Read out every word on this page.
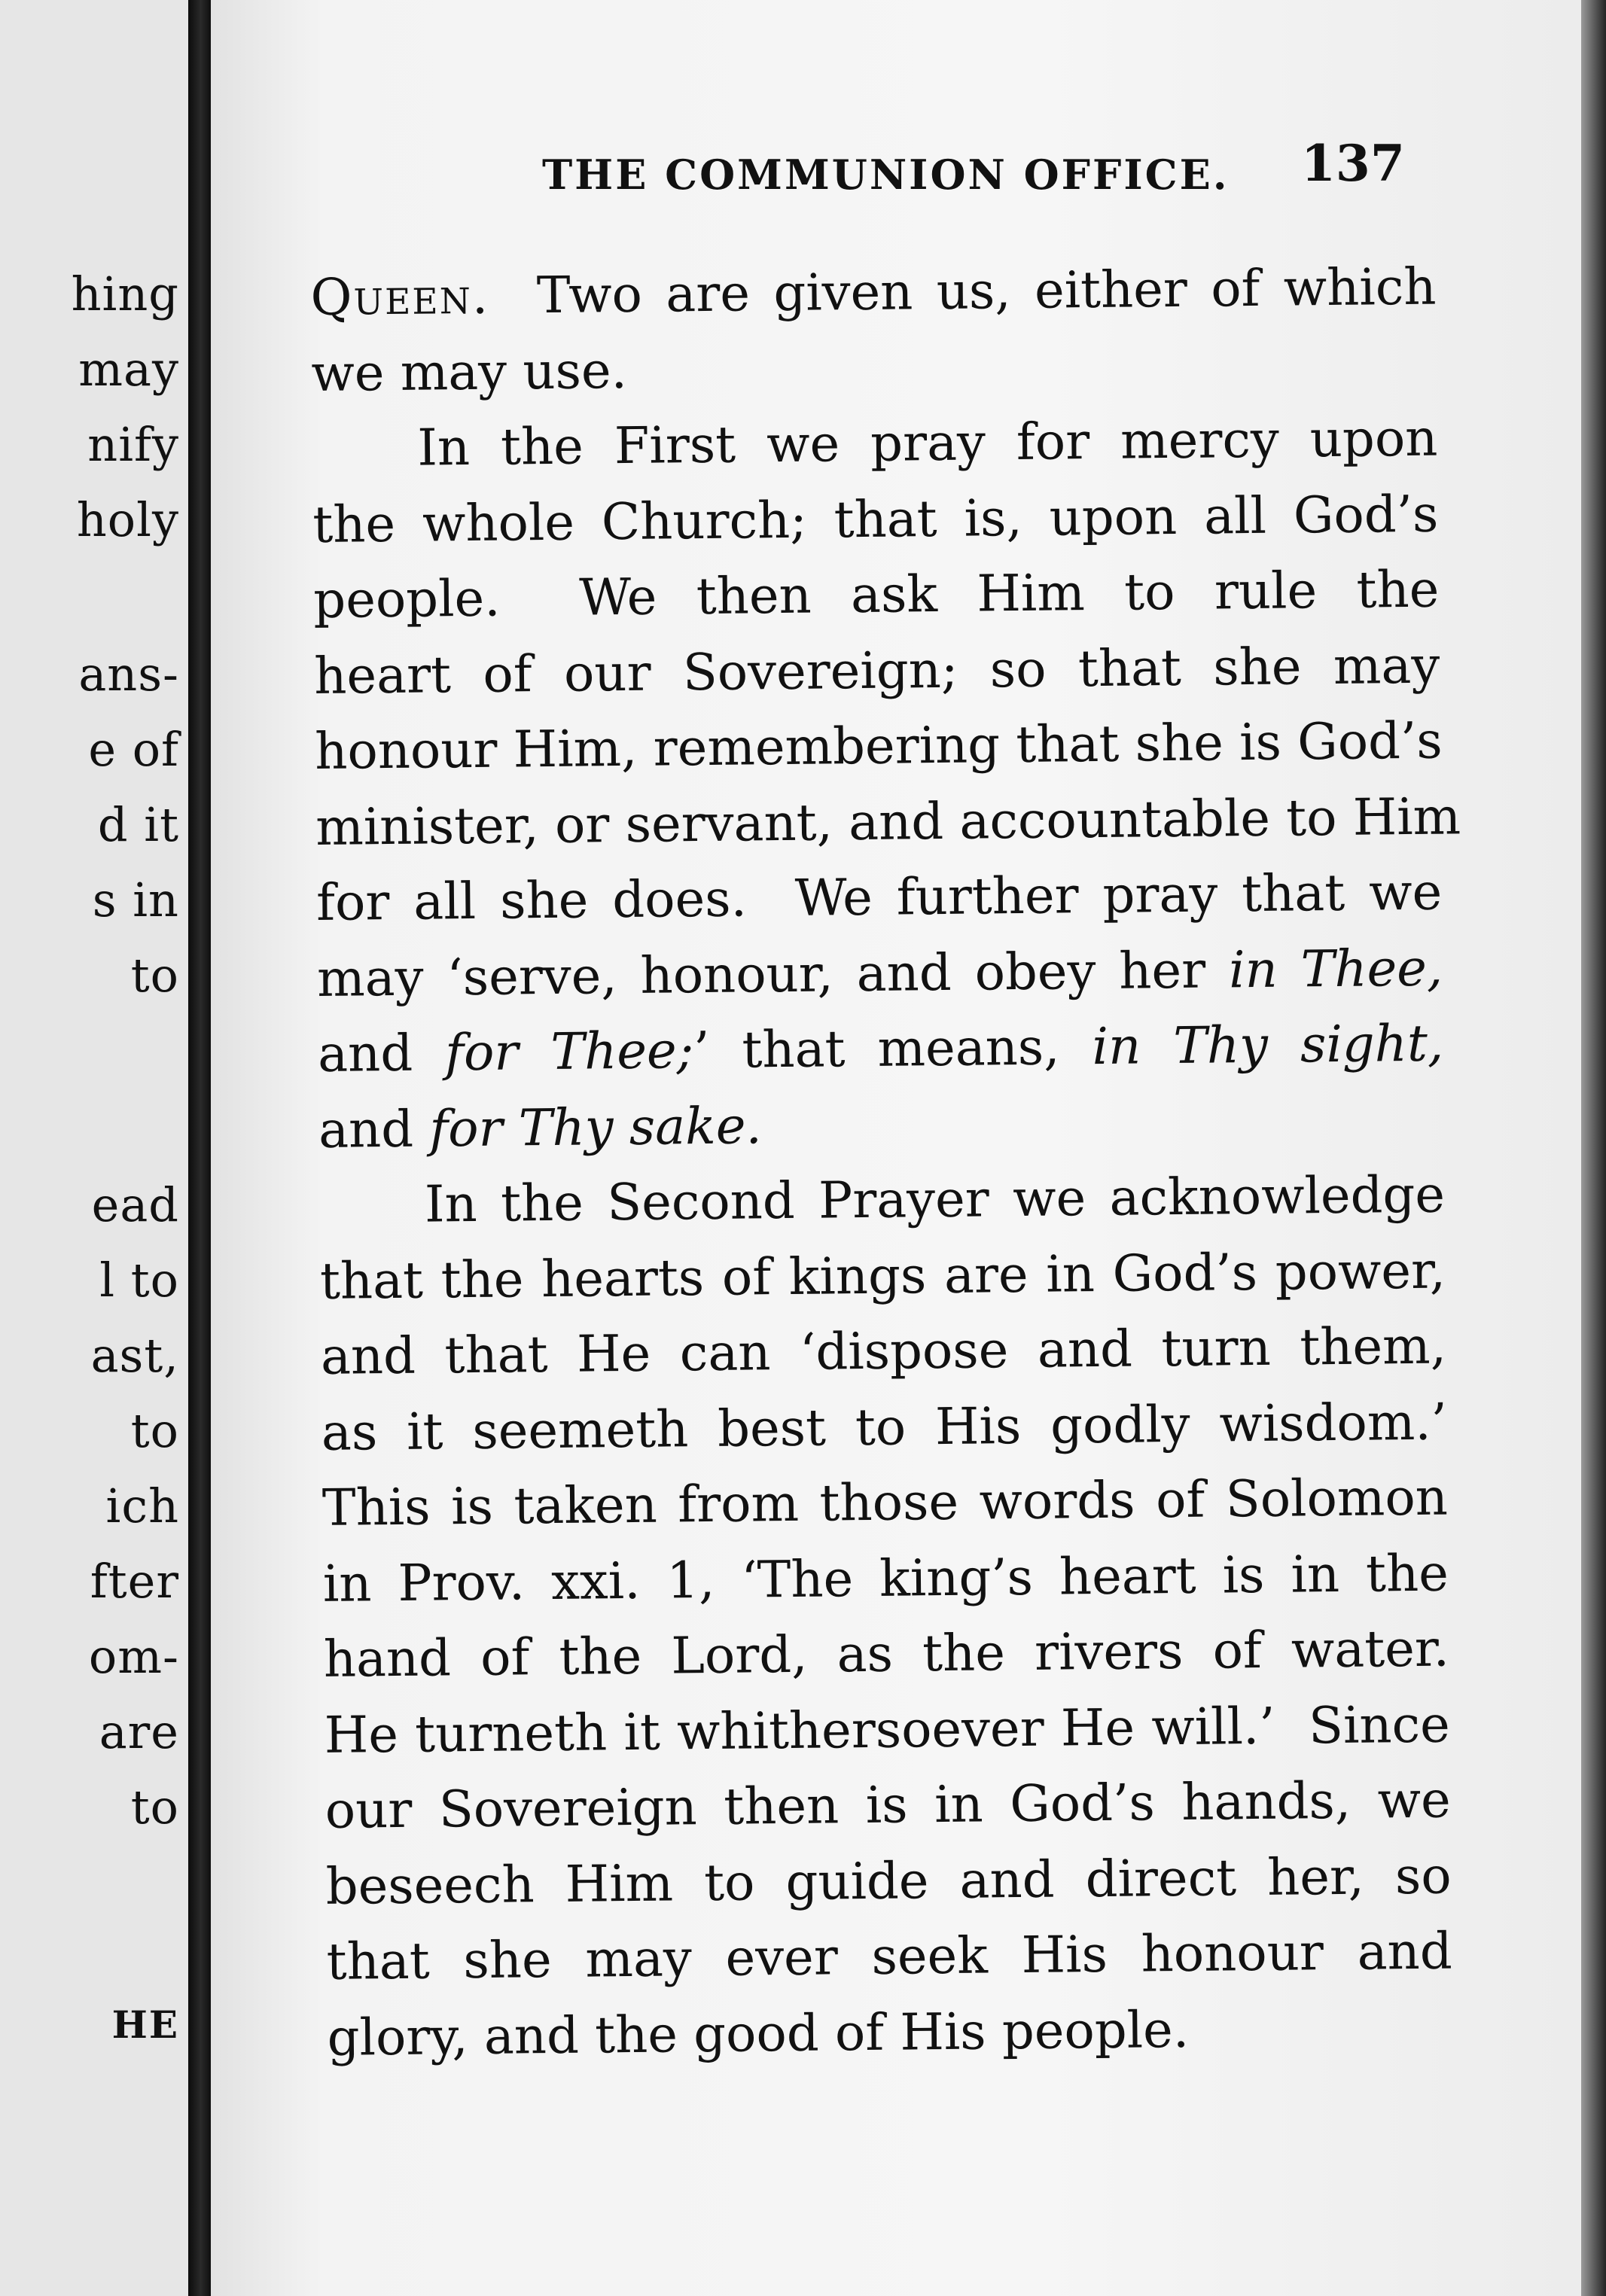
hing
may
nify
holy
ans-
e of
d it
s in
to
ead
l to
ast,
to
ich
fter
om-
are
to
HE
THE COMMUNION OFFICE. 137
Queen.  Two are given us, either of which
we may use.
In the First we pray for mercy upon
the whole Church; that is, upon all God’s
people.  We then ask Him to rule the
heart of our Sovereign; so that she may
honour Him, remembering that she is God’s
minister, or servant, and accountable to Him
for all she does.  We further pray that we
may ‘serve, honour, and obey her in Thee,
and for Thee;’ that means, in Thy sight,
and for Thy sake.
In the Second Prayer we acknowledge
that the hearts of kings are in God’s power,
and that He can ‘dispose and turn them,
as it seemeth best to His godly wisdom.’
This is taken from those words of Solomon
in Prov. xxi. 1, ‘The king’s heart is in the
hand of the Lord, as the rivers of water.
He turneth it whithersoever He will.’  Since
our Sovereign then is in God’s hands, we
beseech Him to guide and direct her, so
that she may ever seek His honour and
glory, and the good of His people.
